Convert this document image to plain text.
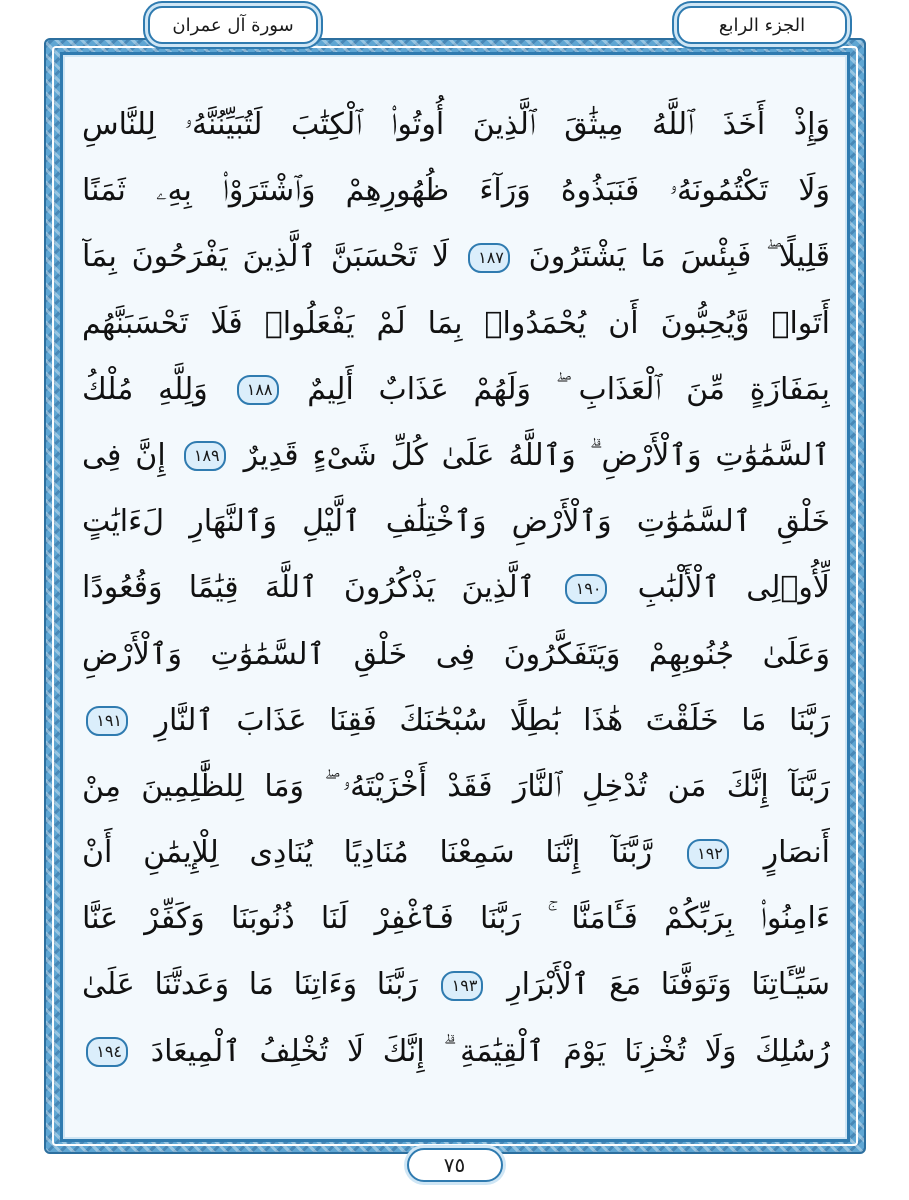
الجزء الرابع
سورة آل عمران
وَإِذْ أَخَذَ ٱللَّهُ مِيثَٰقَ ٱلَّذِينَ أُوتُوا۟ ٱلْكِتَٰبَ لَتُبَيِّنُنَّهُۥ لِلنَّاسِ
وَلَا تَكْتُمُونَهُۥ فَنَبَذُوهُ وَرَآءَ ظُهُورِهِمْ وَٱشْتَرَوْا۟ بِهِۦ ثَمَنًا
قَلِيلًا ۖ فَبِئْسَ مَا يَشْتَرُونَ ١٨٧ لَا تَحْسَبَنَّ ٱلَّذِينَ يَفْرَحُونَ بِمَآ
أَتَوا۟ وَّيُحِبُّونَ أَن يُحْمَدُوا۟ بِمَا لَمْ يَفْعَلُوا۟ فَلَا تَحْسَبَنَّهُم
بِمَفَازَةٍ مِّنَ ٱلْعَذَابِ ۖ وَلَهُمْ عَذَابٌ أَلِيمٌ ١٨٨ وَلِلَّهِ مُلْكُ
ٱلسَّمَٰوَٰتِ وَٱلْأَرْضِ ۗ وَٱللَّهُ عَلَىٰ كُلِّ شَىْءٍ قَدِيرٌ ١٨٩ إِنَّ فِى
خَلْقِ ٱلسَّمَٰوَٰتِ وَٱلْأَرْضِ وَٱخْتِلَٰفِ ٱلَّيْلِ وَٱلنَّهَارِ لَءَايَٰتٍ
لِّأُو۟لِى ٱلْأَلْبَٰبِ ١٩٠ ٱلَّذِينَ يَذْكُرُونَ ٱللَّهَ قِيَٰمًا وَقُعُودًا
وَعَلَىٰ جُنُوبِهِمْ وَيَتَفَكَّرُونَ فِى خَلْقِ ٱلسَّمَٰوَٰتِ وَٱلْأَرْضِ
رَبَّنَا مَا خَلَقْتَ هَٰذَا بَٰطِلًا سُبْحَٰنَكَ فَقِنَا عَذَابَ ٱلنَّارِ ١٩١
رَبَّنَآ إِنَّكَ مَن تُدْخِلِ ٱلنَّارَ فَقَدْ أَخْزَيْتَهُۥ ۖ وَمَا لِلظَّٰلِمِينَ مِنْ
أَنصَارٍ ١٩٢ رَّبَّنَآ إِنَّنَا سَمِعْنَا مُنَادِيًا يُنَادِى لِلْإِيمَٰنِ أَنْ
ءَامِنُوا۟ بِرَبِّكُمْ فَـَٔامَنَّا ۚ رَبَّنَا فَٱغْفِرْ لَنَا ذُنُوبَنَا وَكَفِّرْ عَنَّا
سَيِّـَٔاتِنَا وَتَوَفَّنَا مَعَ ٱلْأَبْرَارِ ١٩٣ رَبَّنَا وَءَاتِنَا مَا وَعَدتَّنَا عَلَىٰ
رُسُلِكَ وَلَا تُخْزِنَا يَوْمَ ٱلْقِيَٰمَةِ ۗ إِنَّكَ لَا تُخْلِفُ ٱلْمِيعَادَ ١٩٤
٧٥
